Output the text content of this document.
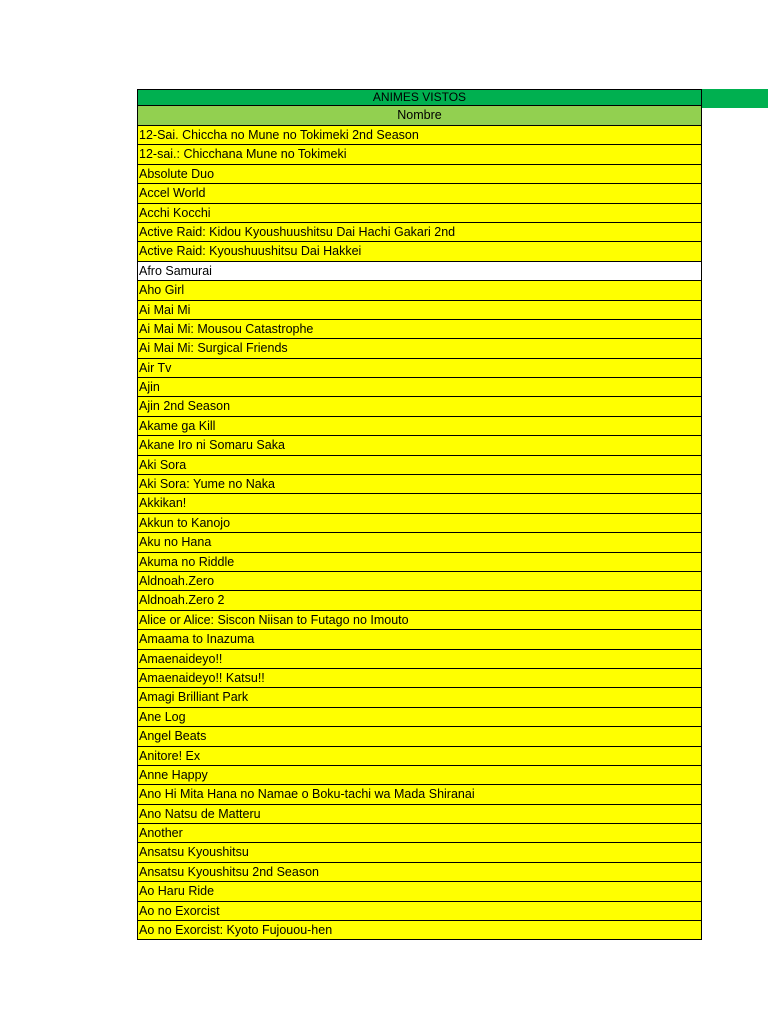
ANIMES VISTOS
Nombre
12-Sai. Chiccha no Mune no Tokimeki 2nd Season
12-sai.: Chicchana Mune no Tokimeki
Absolute Duo
Accel World
Acchi Kocchi
Active Raid: Kidou Kyoushuushitsu Dai Hachi Gakari 2nd
Active Raid: Kyoushuushitsu Dai Hakkei
Afro Samurai
Aho Girl
Ai Mai Mi
Ai Mai Mi: Mousou Catastrophe
Ai Mai Mi: Surgical Friends
Air Tv
Ajin
Ajin 2nd Season
Akame ga Kill
Akane Iro ni Somaru Saka
Aki Sora
Aki Sora: Yume no Naka
Akkikan!
Akkun to Kanojo
Aku no Hana
Akuma no Riddle
Aldnoah.Zero
Aldnoah.Zero 2
Alice or Alice: Siscon Niisan to Futago no Imouto
Amaama to Inazuma
Amaenaideyo!!
Amaenaideyo!! Katsu!!
Amagi Brilliant Park
Ane Log
Angel Beats
Anitore! Ex
Anne Happy
Ano Hi Mita Hana no Namae o Boku-tachi wa Mada Shiranai
Ano Natsu de Matteru
Another
Ansatsu Kyoushitsu
Ansatsu Kyoushitsu 2nd Season
Ao Haru Ride
Ao no Exorcist
Ao no Exorcist: Kyoto Fujouou-hen
